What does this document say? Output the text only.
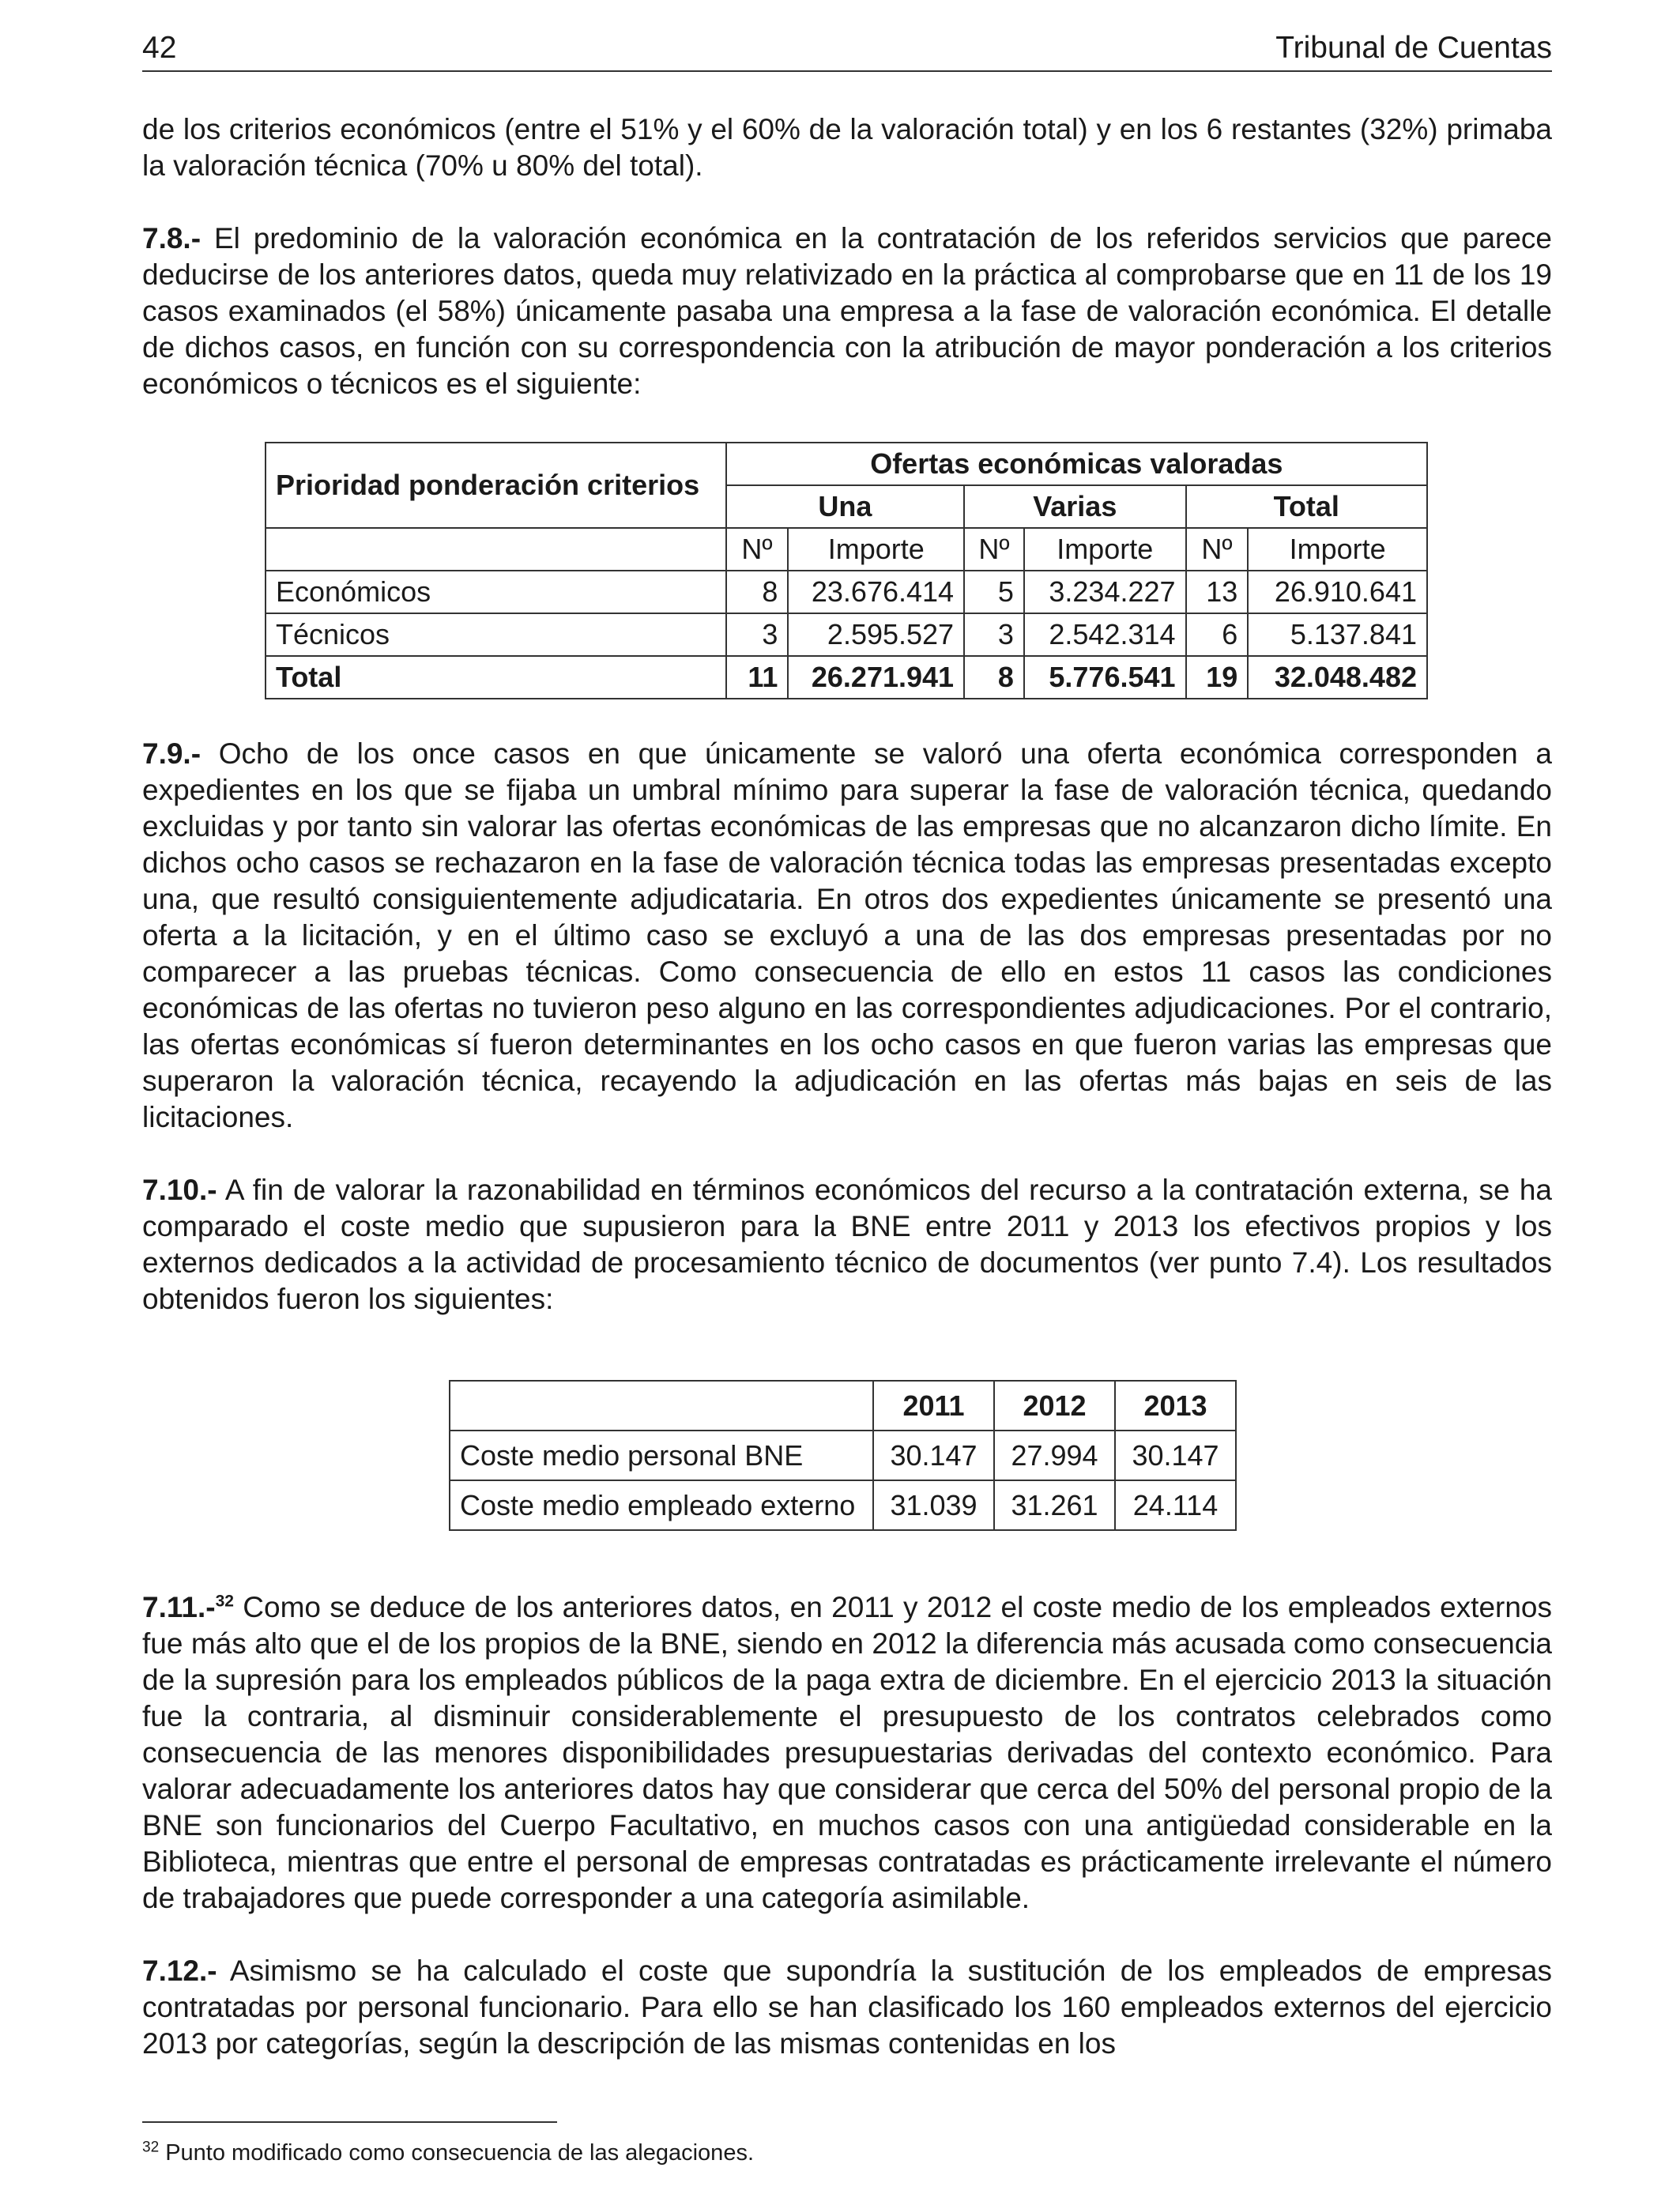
42	Tribunal de Cuentas

de los criterios económicos (entre el 51% y el 60% de la valoración total) y en los 6 restantes (32%) primaba la valoración técnica (70% u 80% del total).

7.8.- El predominio de la valoración económica en la contratación de los referidos servicios que parece deducirse de los anteriores datos, queda muy relativizado en la práctica al comprobarse que en 11 de los 19 casos examinados (el 58%) únicamente pasaba una empresa a la fase de valoración económica. El detalle de dichos casos, en función con su correspondencia con la atribución de mayor ponderación a los criterios económicos o técnicos es el siguiente:

Prioridad ponderación criterios	Ofertas económicas valoradas					
	Una		Varias		Total	
	Nº	Importe	Nº	Importe	Nº	Importe
Económicos	8	23.676.414	5	3.234.227	13	26.910.641
Técnicos	3	2.595.527	3	2.542.314	6	5.137.841
Total	11	26.271.941	8	5.776.541	19	32.048.482

7.9.- Ocho de los once casos en que únicamente se valoró una oferta económica corresponden a expedientes en los que se fijaba un umbral mínimo para superar la fase de valoración técnica, quedando excluidas y por tanto sin valorar las ofertas económicas de las empresas que no alcanzaron dicho límite. En dichos ocho casos se rechazaron en la fase de valoración técnica todas las empresas presentadas excepto una, que resultó consiguientemente adjudicataria. En otros dos expedientes únicamente se presentó una oferta a la licitación, y en el último caso se excluyó a una de las dos empresas presentadas por no comparecer a las pruebas técnicas. Como consecuencia de ello en estos 11 casos las condiciones económicas de las ofertas no tuvieron peso alguno en las correspondientes adjudicaciones. Por el contrario, las ofertas económicas sí fueron determinantes en los ocho casos en que fueron varias las empresas que superaron la valoración técnica, recayendo la adjudicación en las ofertas más bajas en seis de las licitaciones.

7.10.- A fin de valorar la razonabilidad en términos económicos del recurso a la contratación externa, se ha comparado el coste medio que supusieron para la BNE entre 2011 y 2013 los efectivos propios y los externos dedicados a la actividad de procesamiento técnico de documentos (ver punto 7.4). Los resultados obtenidos fueron los siguientes:

	2011	2012	2013
Coste medio personal BNE	30.147	27.994	30.147
Coste medio empleado externo	31.039	31.261	24.114

7.11.-$^{32}$ Como se deduce de los anteriores datos, en 2011 y 2012 el coste medio de los empleados externos fue más alto que el de los propios de la BNE, siendo en 2012 la diferencia más acusada como consecuencia de la supresión para los empleados públicos de la paga extra de diciembre. En el ejercicio 2013 la situación fue la contraria, al disminuir considerablemente el presupuesto de los contratos celebrados como consecuencia de las menores disponibilidades presupuestarias derivadas del contexto económico. Para valorar adecuadamente los anteriores datos hay que considerar que cerca del 50% del personal propio de la BNE son funcionarios del Cuerpo Facultativo, en muchos casos con una antigüedad considerable en la Biblioteca, mientras que entre el personal de empresas contratadas es prácticamente irrelevante el número de trabajadores que puede corresponder a una categoría asimilable.

7.12.- Asimismo se ha calculado el coste que supondría la sustitución de los empleados de empresas contratadas por personal funcionario. Para ello se han clasificado los 160 empleados externos del ejercicio 2013 por categorías, según la descripción de las mismas contenidas en los

$^{32}$ Punto modificado como consecuencia de las alegaciones.
